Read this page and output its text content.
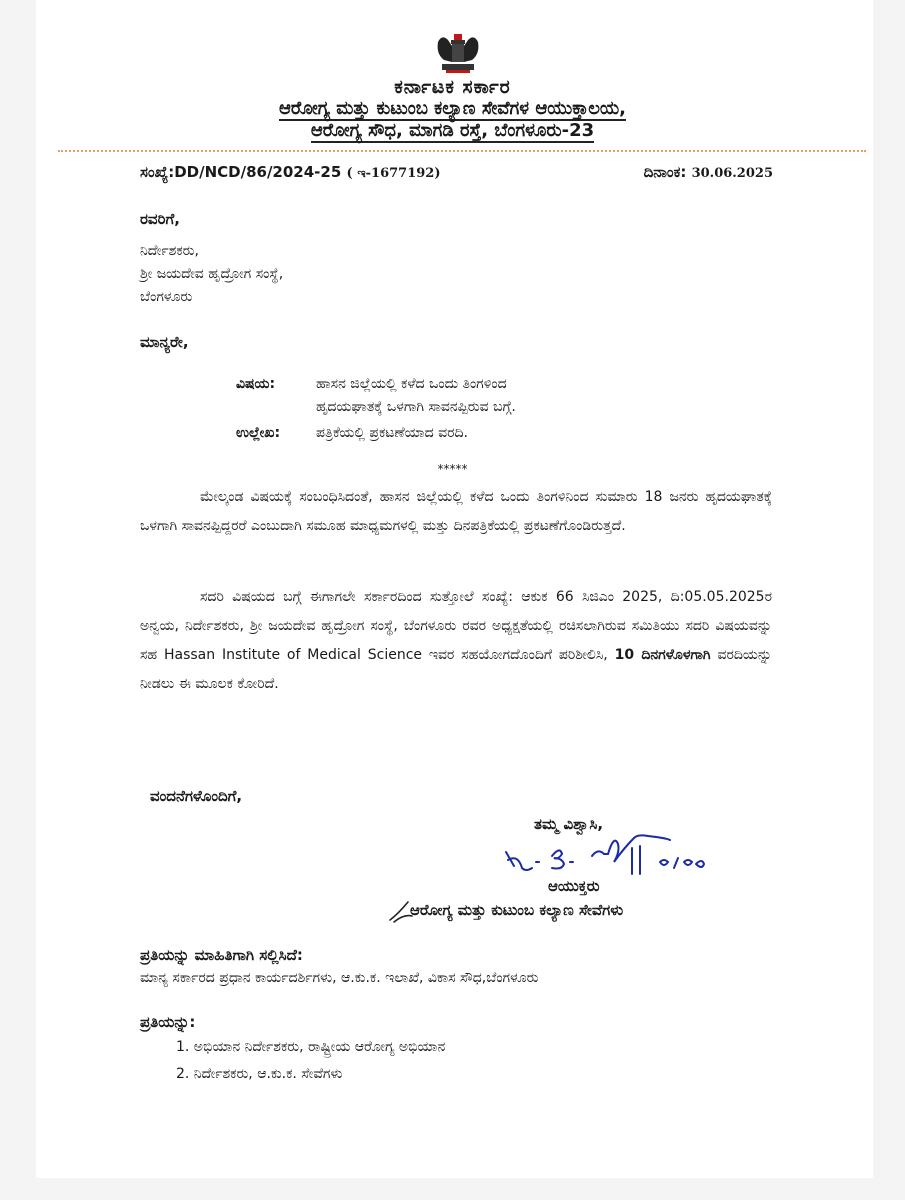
ಕರ್ನಾಟಕ ಸರ್ಕಾರ
ಆರೋಗ್ಯ ಮತ್ತು ಕುಟುಂಬ ಕಲ್ಯಾಣ ಸೇವೆಗಳ ಆಯುಕ್ತಾಲಯ,
ಆರೋಗ್ಯ ಸೌಧ, ಮಾಗಡಿ ರಸ್ತೆ, ಬೆಂಗಳೂರು-23
ಸಂಖ್ಯೆ:DD/NCD/86/2024-25 ( ಇ-1677192)	ದಿನಾಂಕ: 30.06.2025
ರವರಿಗೆ,
ನಿರ್ದೇಶಕರು,
ಶ್ರೀ ಜಯದೇವ ಹೃದ್ರೋಗ ಸಂಸ್ಥೆ,
ಬೆಂಗಳೂರು
ಮಾನ್ಯರೇ,
ವಿಷಯ:	ಹಾಸನ ಜಿಲ್ಲೆಯಲ್ಲಿ ಕಳೆದ ಒಂದು ತಿಂಗಳಿಂದ
ಹೃದಯಘಾತಕ್ಕೆ ಒಳಗಾಗಿ ಸಾವನಪ್ಪಿರುವ ಬಗ್ಗೆ.
ಉಲ್ಲೇಖ:	ಪತ್ರಿಕೆಯಲ್ಲಿ ಪ್ರಕಟಣೆಯಾದ ವರದಿ.
*****
ಮೇಲ್ಕಂಡ ವಿಷಯಕ್ಕೆ ಸಂಬಂಧಿಸಿದಂತೆ, ಹಾಸನ ಜಿಲ್ಲೆಯಲ್ಲಿ ಕಳೆದ ಒಂದು ತಿಂಗಳಿನಿಂದ ಸುಮಾರು 18 ಜನರು ಹೃದಯಘಾತಕ್ಕೆ ಒಳಗಾಗಿ ಸಾವನಪ್ಪಿದ್ದರರೆ ಎಂಬುದಾಗಿ ಸಮೂಹ ಮಾಧ್ಯಮಗಳಲ್ಲಿ ಮತ್ತು ದಿನಪತ್ರಿಕೆಯಲ್ಲಿ ಪ್ರಕಟಣೆಗೊಂಡಿರುತ್ತದೆ.
ಸದರಿ ವಿಷಯದ ಬಗ್ಗೆ ಈಗಾಗಲೇ ಸರ್ಕಾರದಿಂದ ಸುತ್ತೋಲೆ ಸಂಖ್ಯೆ: ಆಕುಕ 66 ಸಿಜಿಎಂ 2025, ದಿ:05.05.2025ರ ಅನ್ವಯ, ನಿರ್ದೇಶಕರು, ಶ್ರೀ ಜಯದೇವ ಹೃದ್ರೋಗ ಸಂಸ್ಥೆ, ಬೆಂಗಳೂರು ರವರ ಅಧ್ಯಕ್ಷತೆಯಲ್ಲಿ ರಚಿಸಲಾಗಿರುವ ಸಮಿತಿಯು ಸದರಿ ವಿಷಯವನ್ನು ಸಹ Hassan Institute of Medical Science ಇವರ ಸಹಯೋಗದೊಂದಿಗೆ ಪರಿಶೀಲಿಸಿ, 10 ದಿನಗಳೊಳಗಾಗಿ ವರದಿಯನ್ನು ನೀಡಲು ಈ ಮೂಲಕ ಕೋರಿದೆ.
ವಂದನೆಗಳೊಂದಿಗೆ,
ತಮ್ಮ ವಿಶ್ವಾಸಿ,
ಆಯುಕ್ತರು
ಆರೋಗ್ಯ ಮತ್ತು ಕುಟುಂಬ ಕಲ್ಯಾಣ ಸೇವೆಗಳು
ಪ್ರತಿಯನ್ನು ಮಾಹಿತಿಗಾಗಿ ಸಲ್ಲಿಸಿದೆ:
ಮಾನ್ಯ ಸರ್ಕಾರದ ಪ್ರಧಾನ ಕಾರ್ಯದರ್ಶಿಗಳು, ಆ.ಕು.ಕ. ಇಲಾಖೆ, ವಿಕಾಸ ಸೌಧ,ಬೆಂಗಳೂರು
ಪ್ರತಿಯನ್ನು:
1. ಅಭಿಯಾನ ನಿರ್ದೇಶಕರು, ರಾಷ್ಟ್ರೀಯ ಆರೋಗ್ಯ ಅಭಿಯಾನ
2. ನಿರ್ದೇಶಕರು, ಆ.ಕು.ಕ. ಸೇವೆಗಳು
